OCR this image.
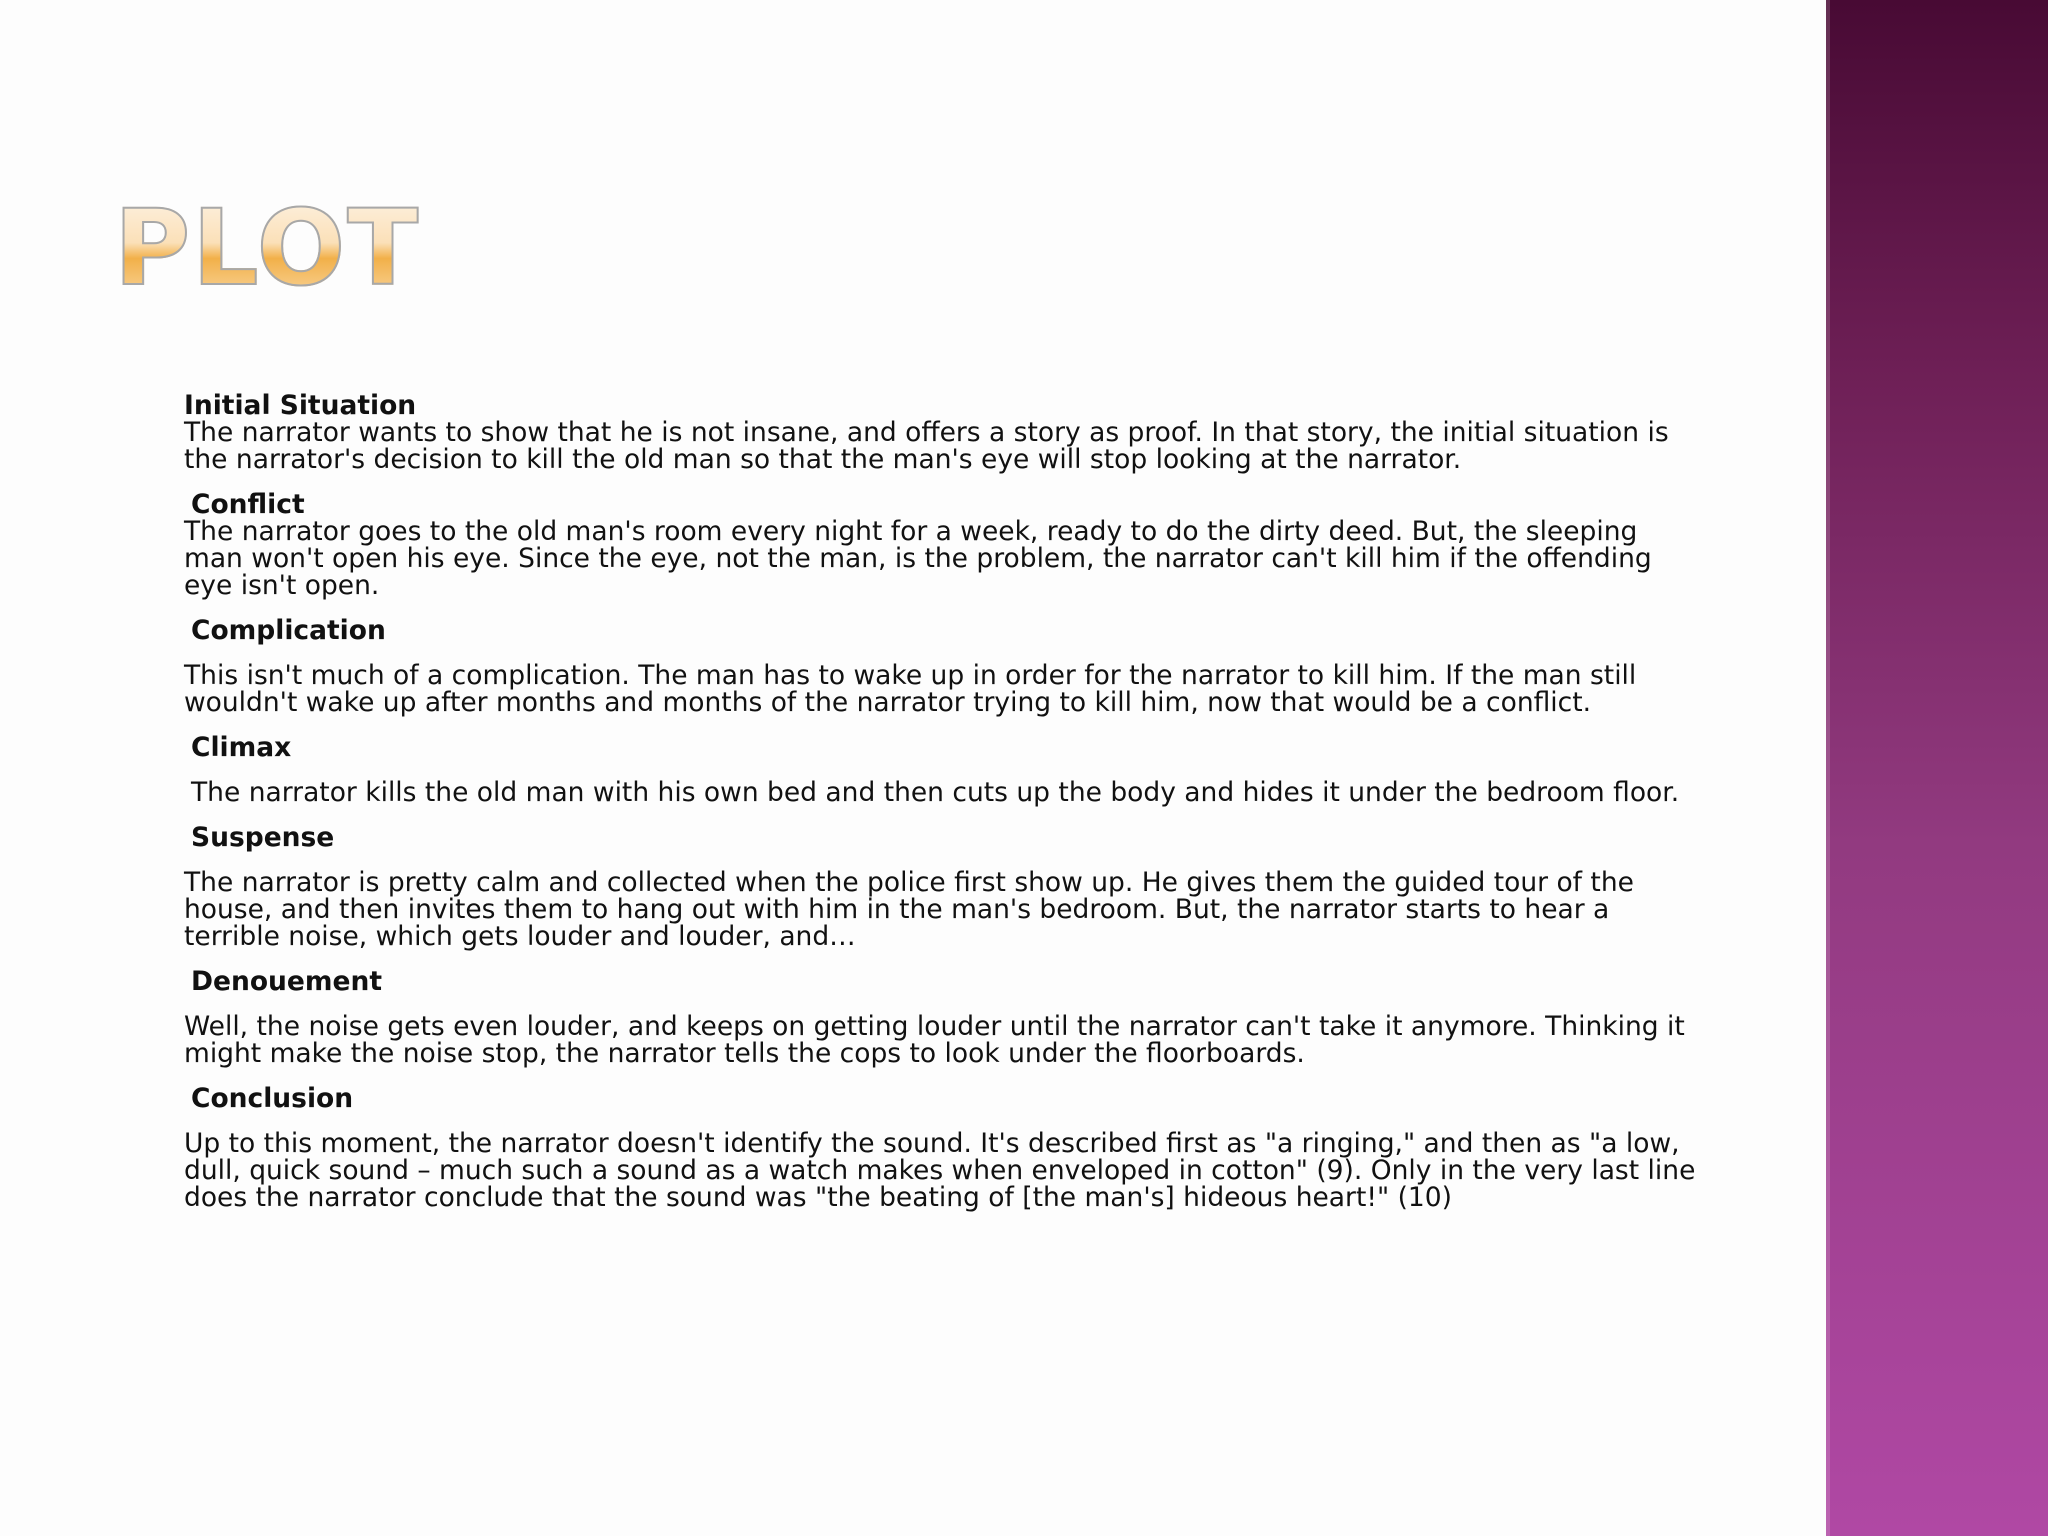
PLOT
Initial Situation
The narrator wants to show that he is not insane, and offers a story as proof. In that story, the initial situation is the narrator's decision to kill the old man so that the man's eye will stop looking at the narrator.
Conflict
The narrator goes to the old man's room every night for a week, ready to do the dirty deed. But, the sleeping man won't open his eye. Since the eye, not the man, is the problem, the narrator can't kill him if the offending eye isn't open.
Complication
This isn't much of a complication. The man has to wake up in order for the narrator to kill him. If the man still wouldn't wake up after months and months of the narrator trying to kill him, now that would be a conflict.
Climax
The narrator kills the old man with his own bed and then cuts up the body and hides it under the bedroom floor.
Suspense
The narrator is pretty calm and collected when the police first show up. He gives them the guided tour of the house, and then invites them to hang out with him in the man's bedroom. But, the narrator starts to hear a terrible noise, which gets louder and louder, and…
Denouement
Well, the noise gets even louder, and keeps on getting louder until the narrator can't take it anymore. Thinking it might make the noise stop, the narrator tells the cops to look under the floorboards.
Conclusion
Up to this moment, the narrator doesn't identify the sound. It's described first as "a ringing," and then as "a low, dull, quick sound – much such a sound as a watch makes when enveloped in cotton" (9). Only in the very last line does the narrator conclude that the sound was "the beating of [the man's] hideous heart!" (10)
